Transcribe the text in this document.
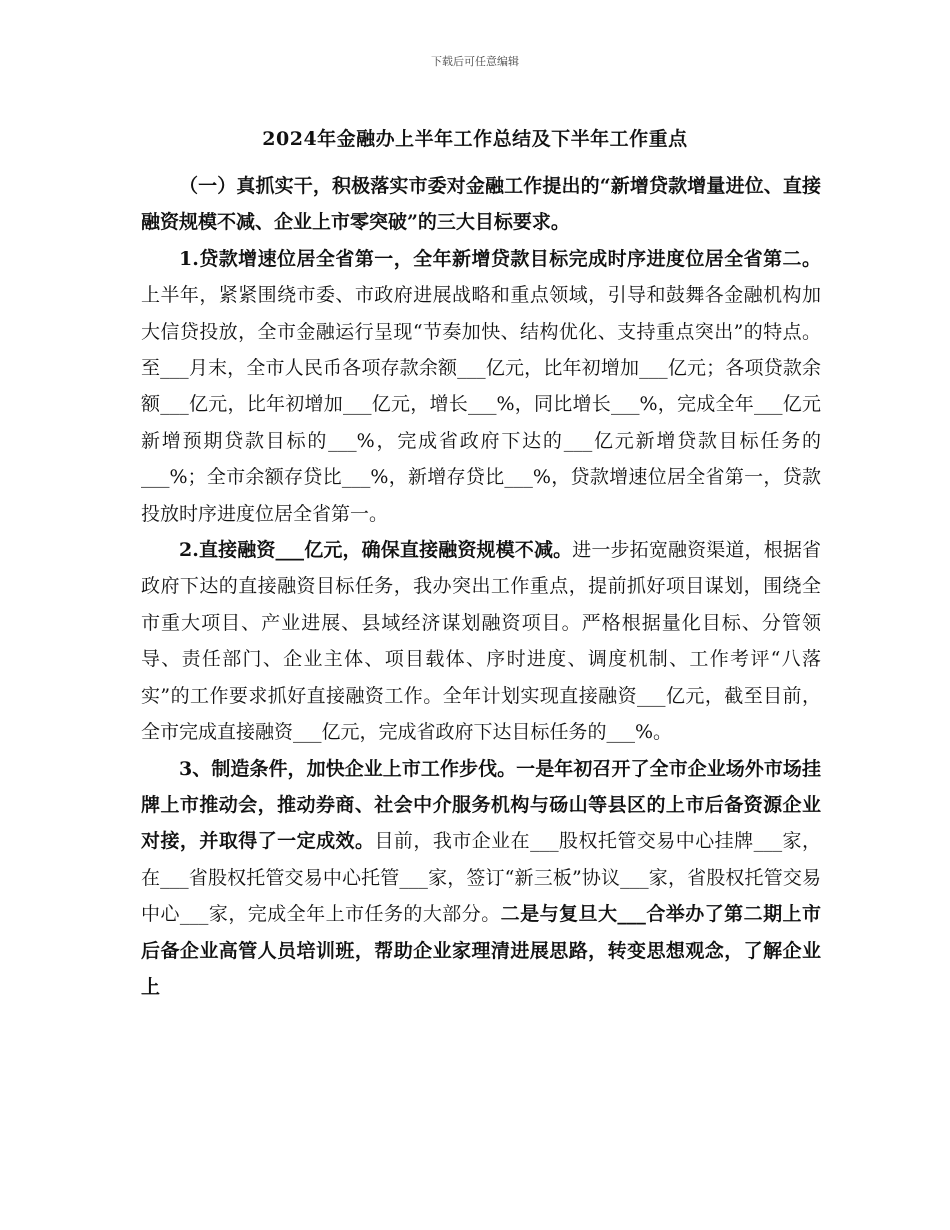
下载后可任意编辑
2024年金融办上半年工作总结及下半年工作重点

（一）真抓实干，积极落实市委对金融工作提出的“新增贷款增量进位、直接融资规模不减、企业上市零突破”的三大目标要求。

1.贷款增速位居全省第一，全年新增贷款目标完成时序进度位居全省第二。上半年，紧紧围绕市委、市政府进展战略和重点领域，引导和鼓舞各金融机构加大信贷投放，全市金融运行呈现“节奏加快、结构优化、支持重点突出”的特点。至___月末，全市人民币各项存款余额___亿元，比年初增加___亿元；各项贷款余额___亿元，比年初增加___亿元，增长___%，同比增长___%，完成全年___亿元新增预期贷款目标的___%，完成省政府下达的___亿元新增贷款目标任务的___%；全市余额存贷比___%，新增存贷比___%，贷款增速位居全省第一，贷款投放时序进度位居全省第一。

2.直接融资___亿元，确保直接融资规模不减。进一步拓宽融资渠道，根据省政府下达的直接融资目标任务，我办突出工作重点，提前抓好项目谋划，围绕全市重大项目、产业进展、县域经济谋划融资项目。严格根据量化目标、分管领导、责任部门、企业主体、项目载体、序时进度、调度机制、工作考评“八落实”的工作要求抓好直接融资工作。全年计划实现直接融资___亿元，截至目前，全市完成直接融资___亿元，完成省政府下达目标任务的___%。

3、制造条件，加快企业上市工作步伐。一是年初召开了全市企业场外市场挂牌上市推动会，推动券商、社会中介服务机构与砀山等县区的上市后备资源企业对接，并取得了一定成效。目前，我市企业在___股权托管交易中心挂牌___家，在___省股权托管交易中心托管___家，签订“新三板”协议___家，省股权托管交易中心___家，完成全年上市任务的大部分。二是与复旦大___合举办了第二期上市后备企业高管人员培训班，帮助企业家理清进展思路，转变思想观念，了解企业上
